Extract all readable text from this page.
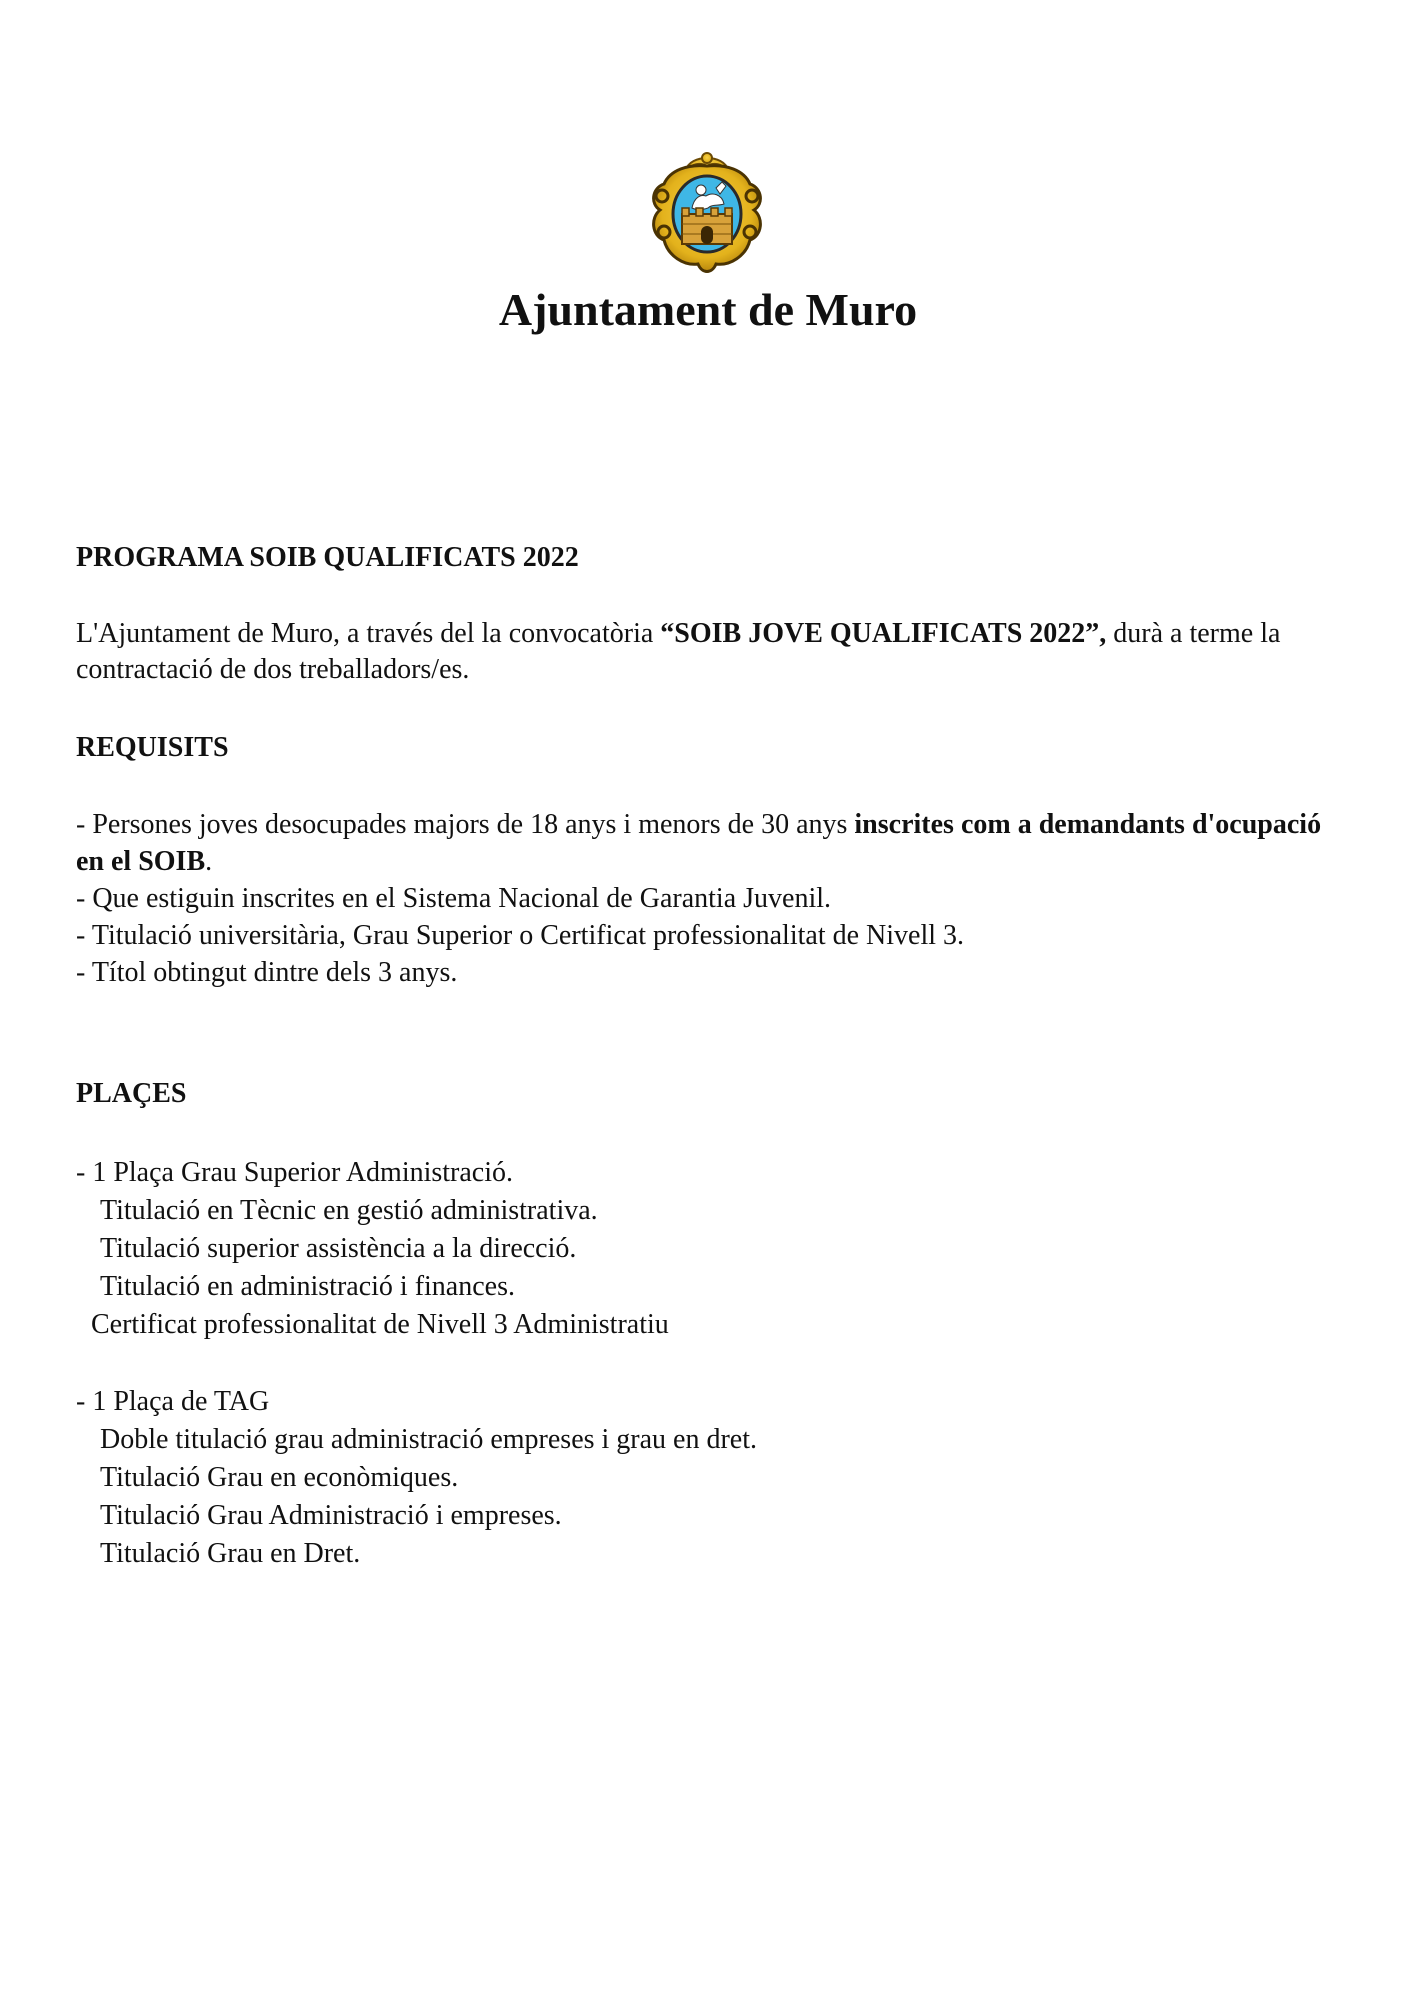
Ajuntament de Muro

PROGRAMA SOIB QUALIFICATS 2022

L'Ajuntament de Muro, a través del la convocatòria “SOIB JOVE QUALIFICATS 2022”, durà a terme la contractació de dos treballadors/es.

REQUISITS

- Persones joves desocupades majors de 18 anys i menors de 30 anys inscrites com a demandants d'ocupació en el SOIB.
- Que estiguin inscrites en el Sistema Nacional de Garantia Juvenil.
- Titulació universitària, Grau Superior o Certificat professionalitat de Nivell 3.
- Títol obtingut dintre dels 3 anys.

PLAÇES

- 1 Plaça Grau Superior Administració.

Titulació en Tècnic en gestió administrativa.

Titulació superior assistència a la direcció.

Titulació en administració i finances.

Certificat professionalitat de Nivell 3 Administratiu

- 1 Plaça de TAG

Doble titulació grau administració empreses i grau en dret.

Titulació Grau en econòmiques.

Titulació Grau Administració i empreses.

Titulació Grau en Dret.
